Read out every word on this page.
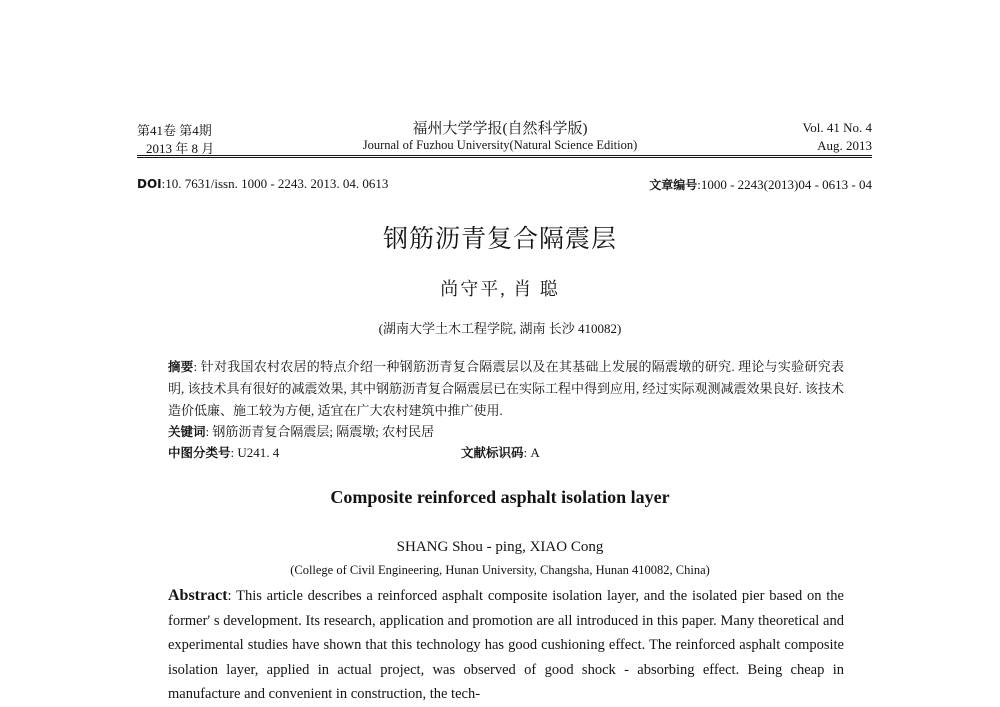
第41卷 第4期
2013 年 8 月
福州大学学报(自然科学版)
Journal of Fuzhou University(Natural Science Edition)
Vol. 41 No. 4
Aug. 2013
DOI:10. 7631/issn. 1000 - 2243. 2013. 04. 0613	文章编号:1000 - 2243(2013)04 - 0613 - 04
钢筋沥青复合隔震层
尚守平, 肖 聪
(湖南大学土木工程学院, 湖南 长沙 410082)
摘要: 针对我国农村农居的特点介绍一种钢筋沥青复合隔震层以及在其基础上发展的隔震墩的研究. 理论与实验研究表明, 该技术具有很好的减震效果, 其中钢筋沥青复合隔震层已在实际工程中得到应用, 经过实际观测减震效果良好. 该技术造价低廉、施工较为方便, 适宜在广大农村建筑中推广使用.
关键词: 钢筋沥青复合隔震层; 隔震墩; 农村民居
中图分类号: U241. 4	文献标识码: A
Composite reinforced asphalt isolation layer
SHANG Shou - ping, XIAO Cong
(College of Civil Engineering, Hunan University, Changsha, Hunan 410082, China)
Abstract: This article describes a reinforced asphalt composite isolation layer, and the isolated pier based on the former' s development. Its research, application and promotion are all introduced in this paper. Many theoretical and experimental studies have shown that this technology has good cushioning effect. The reinforced asphalt composite isolation layer, applied in actual project, was observed of good shock - absorbing effect. Being cheap in manufacture and convenient in construction, the tech-
